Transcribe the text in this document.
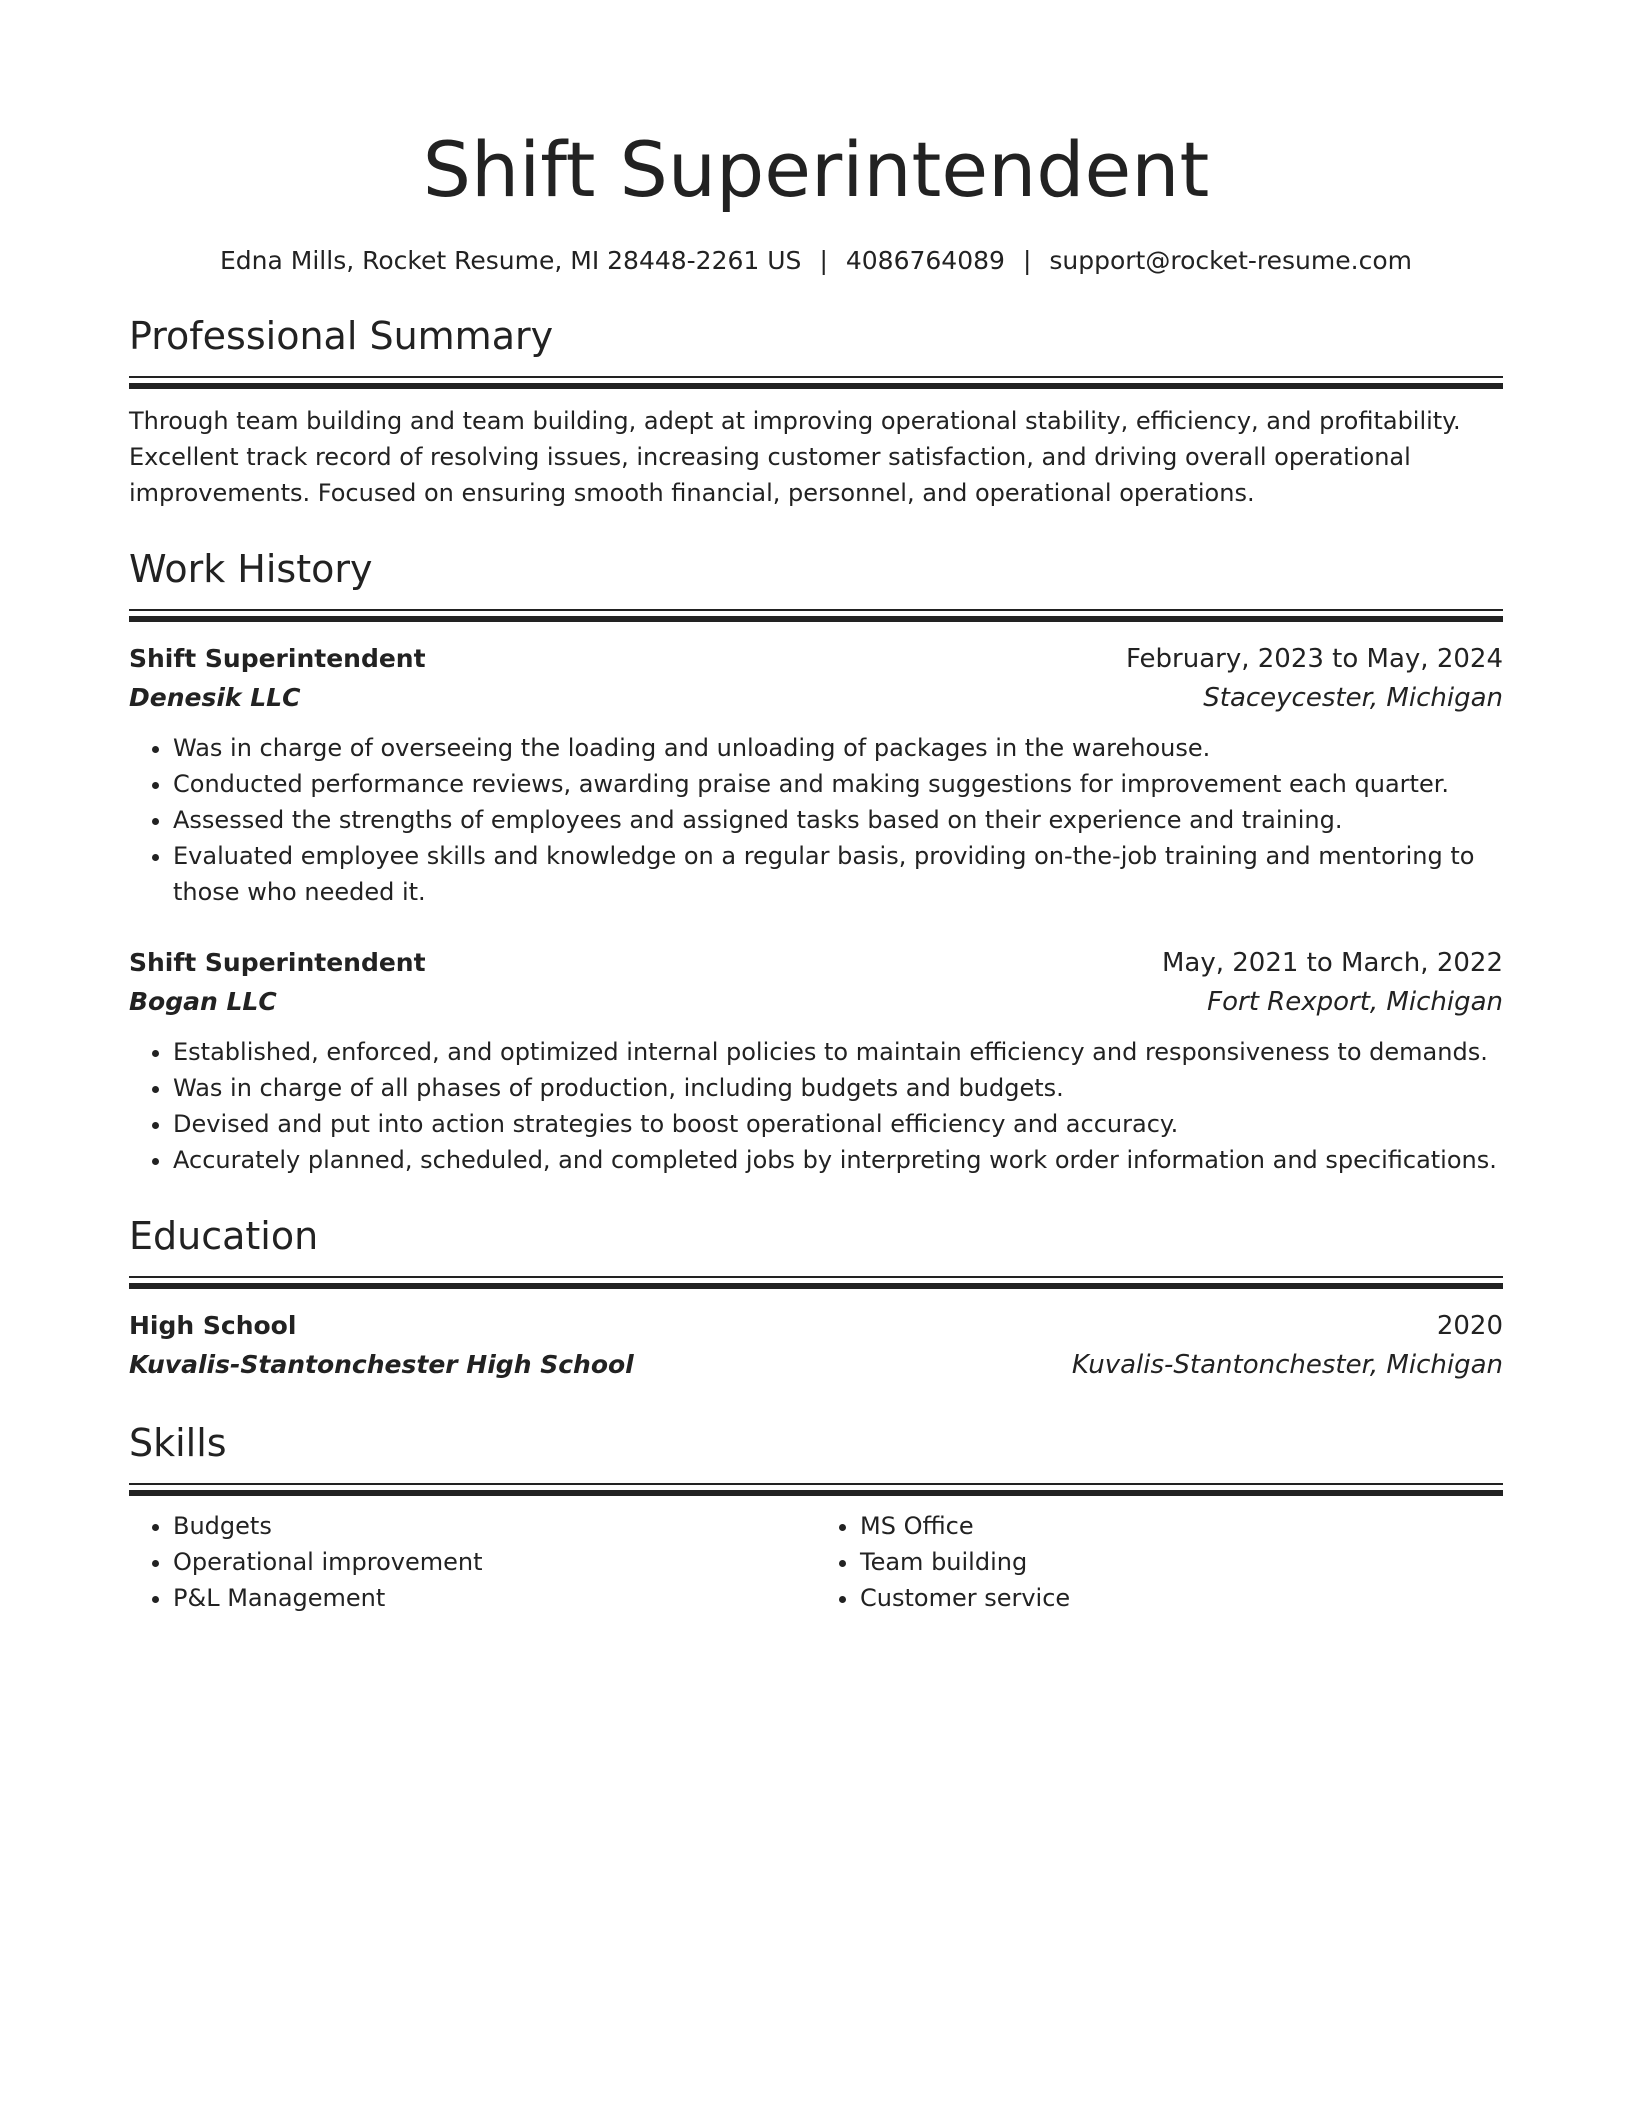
Shift Superintendent
Edna Mills, Rocket Resume, MI 28448-2261 US | 4086764089 | support@rocket-resume.com
Professional Summary
Through team building and team building, adept at improving operational stability, efficiency, and profitability. Excellent track record of resolving issues, increasing customer satisfaction, and driving overall operational improvements. Focused on ensuring smooth financial, personnel, and operational operations.
Work History
Shift Superintendent	February, 2023 to May, 2024
Denesik LLC	Staceycester, Michigan
• Was in charge of overseeing the loading and unloading of packages in the warehouse.
• Conducted performance reviews, awarding praise and making suggestions for improvement each quarter.
• Assessed the strengths of employees and assigned tasks based on their experience and training.
• Evaluated employee skills and knowledge on a regular basis, providing on-the-job training and mentoring to those who needed it.
Shift Superintendent	May, 2021 to March, 2022
Bogan LLC	Fort Rexport, Michigan
• Established, enforced, and optimized internal policies to maintain efficiency and responsiveness to demands.
• Was in charge of all phases of production, including budgets and budgets.
• Devised and put into action strategies to boost operational efficiency and accuracy.
• Accurately planned, scheduled, and completed jobs by interpreting work order information and specifications.
Education
High School	2020
Kuvalis-Stantonchester High School	Kuvalis-Stantonchester, Michigan
Skills
• Budgets
• Operational improvement
• P&L Management
• MS Office
• Team building
• Customer service
